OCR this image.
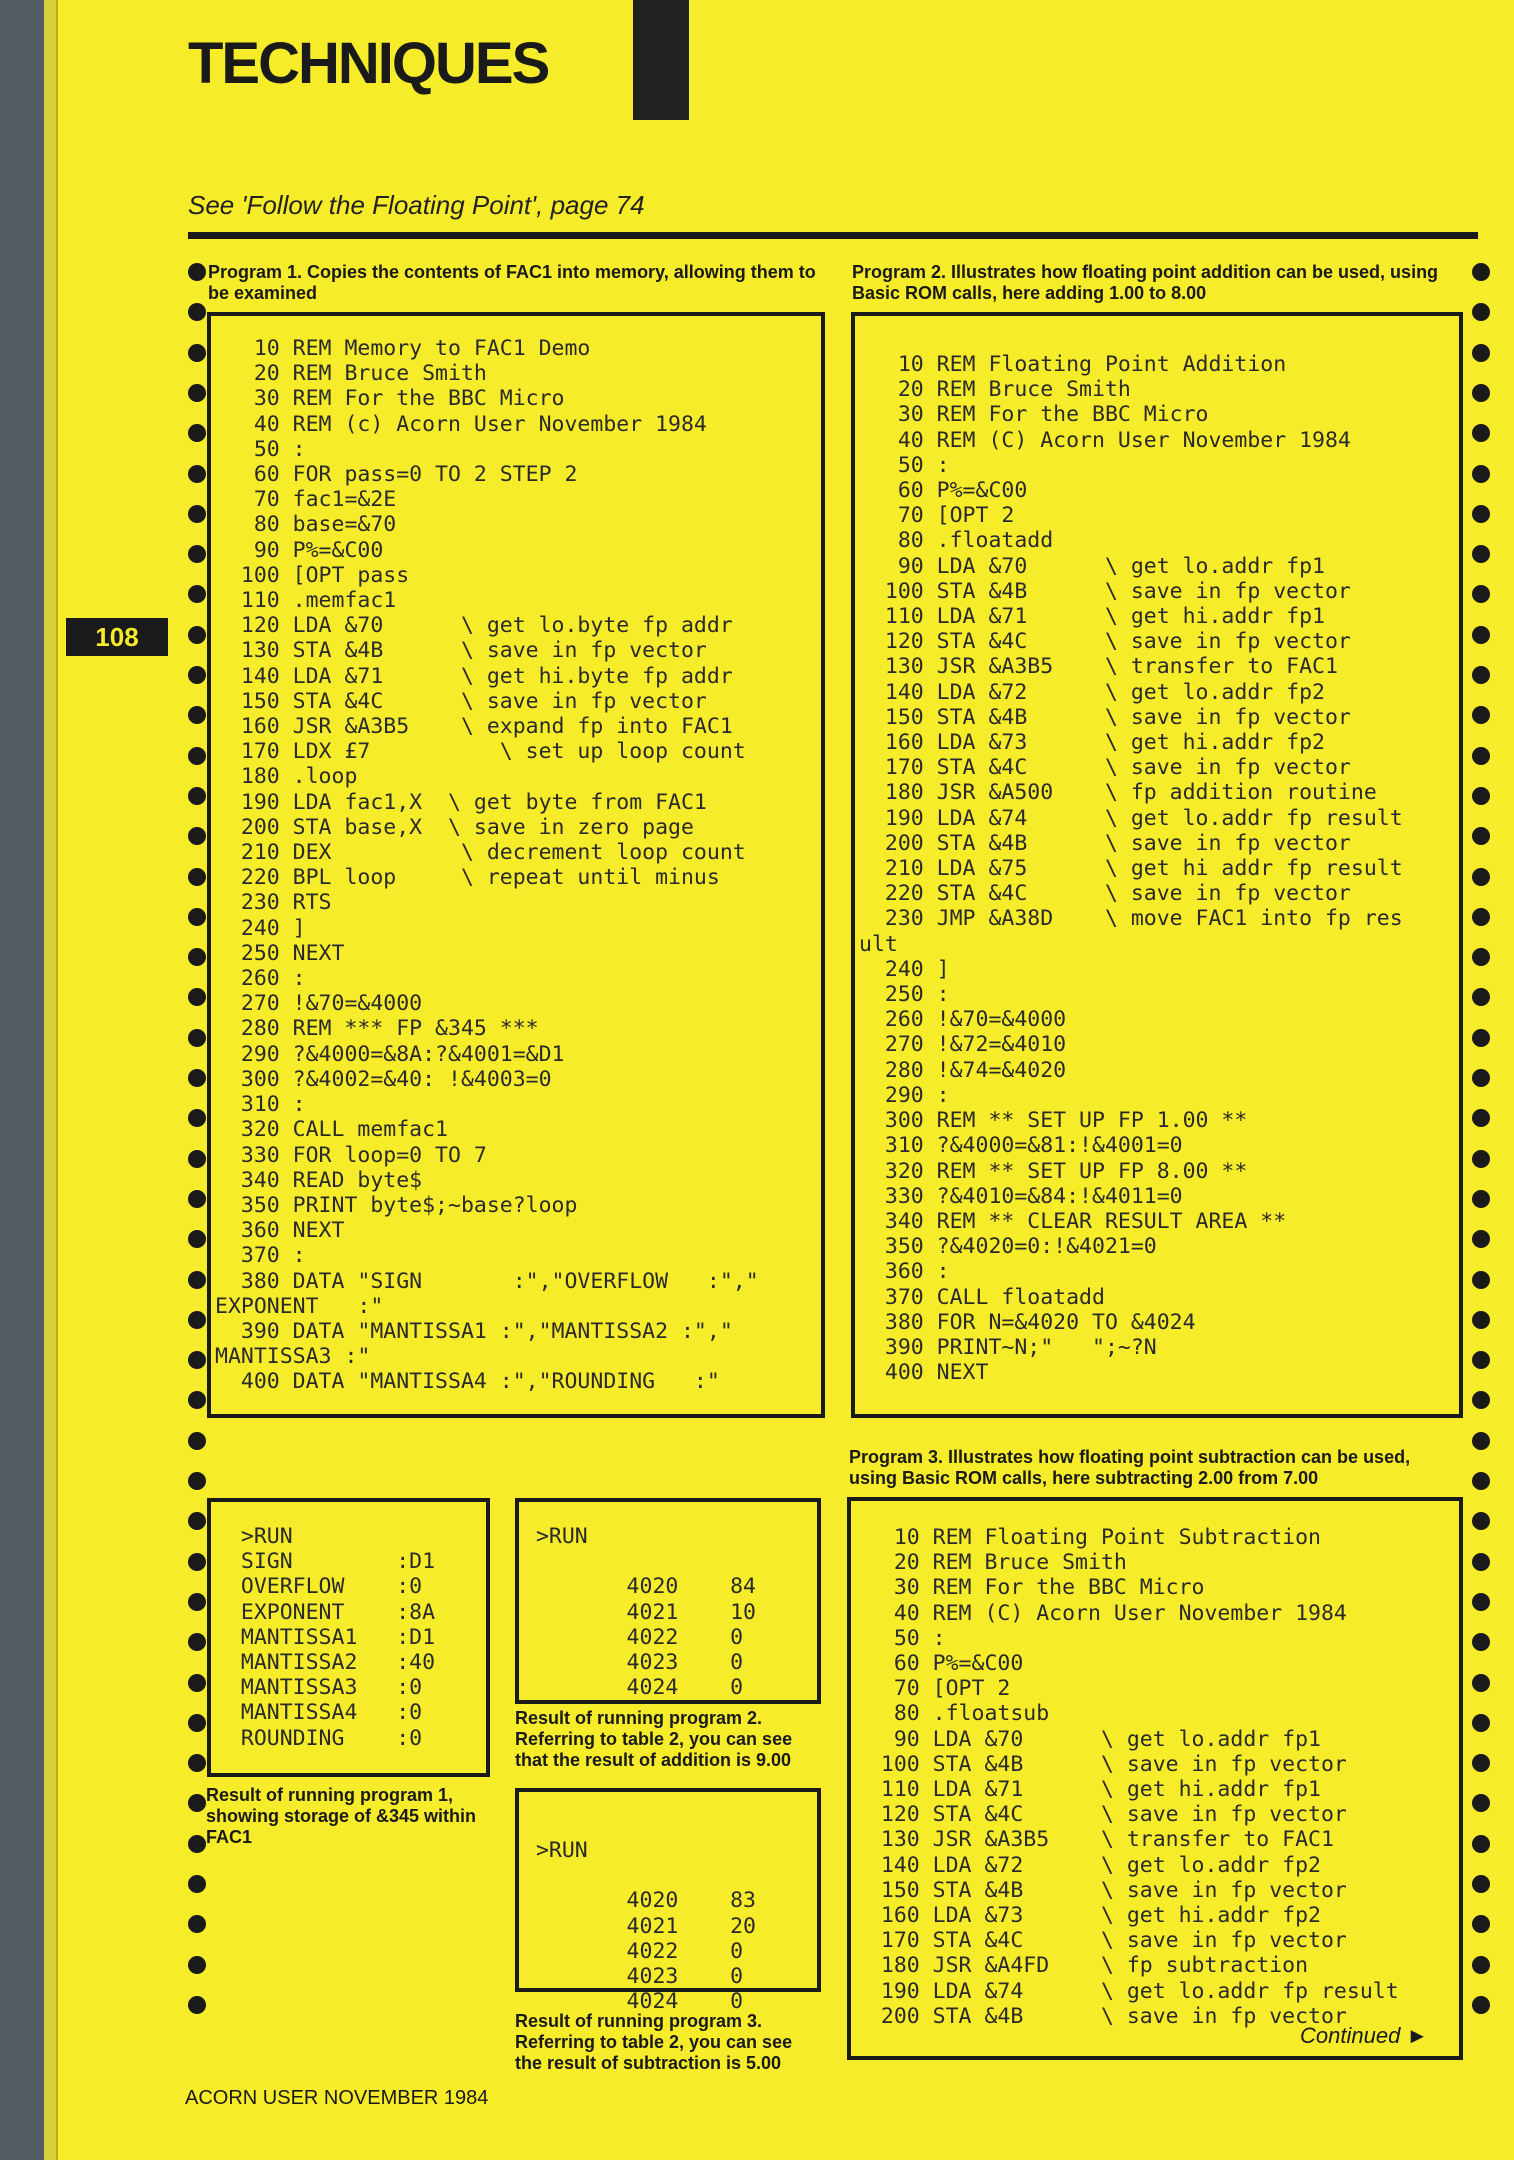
TECHNIQUES
See 'Follow the Floating Point', page 74
108
Program 1. Copies the contents of FAC1 into memory, allowing them to be examined
10 REM Memory to FAC1 Demo
20 REM Bruce Smith
30 REM For the BBC Micro
40 REM (c) Acorn User November 1984
50 :
60 FOR pass=0 TO 2 STEP 2
70 fac1=&2E
80 base=&70
90 P%=&C00
100 [OPT pass
110 .memfac1
120 LDA &70      \ get lo.byte fp addr
130 STA &4B      \ save in fp vector
140 LDA &71      \ get hi.byte fp addr
150 STA &4C      \ save in fp vector
160 JSR &A3B5    \ expand fp into FAC1
170 LDX £7          \ set up loop count
180 .loop
190 LDA fac1,X  \ get byte from FAC1
200 STA base,X  \ save in zero page
210 DEX          \ decrement loop count
220 BPL loop     \ repeat until minus
230 RTS
240 ]
250 NEXT
260 :
270 !&70=&4000
280 REM *** FP &345 ***
290 ?&4000=&8A:?&4001=&D1
300 ?&4002=&40: !&4003=0
310 :
320 CALL memfac1
330 FOR loop=0 TO 7
340 READ byte$
350 PRINT byte$;~base?loop
360 NEXT
370 :
380 DATA "SIGN       :","OVERFLOW   :","
EXPONENT   :"
390 DATA "MANTISSA1 :","MANTISSA2 :","
MANTISSA3 :"
400 DATA "MANTISSA4 :","ROUNDING   :"
Program 2. Illustrates how floating point addition can be used, using Basic ROM calls, here adding 1.00 to 8.00
10 REM Floating Point Addition
20 REM Bruce Smith
30 REM For the BBC Micro
40 REM (C) Acorn User November 1984
50 :
60 P%=&C00
70 [OPT 2
80 .floatadd
90 LDA &70      \ get lo.addr fp1
100 STA &4B      \ save in fp vector
110 LDA &71      \ get hi.addr fp1
120 STA &4C      \ save in fp vector
130 JSR &A3B5    \ transfer to FAC1
140 LDA &72      \ get lo.addr fp2
150 STA &4B      \ save in fp vector
160 LDA &73      \ get hi.addr fp2
170 STA &4C      \ save in fp vector
180 JSR &A500    \ fp addition routine
190 LDA &74      \ get lo.addr fp result
200 STA &4B      \ save in fp vector
210 LDA &75      \ get hi addr fp result
220 STA &4C      \ save in fp vector
230 JMP &A38D    \ move FAC1 into fp res
ult
240 ]
250 :
260 !&70=&4000
270 !&72=&4010
280 !&74=&4020
290 :
300 REM ** SET UP FP 1.00 **
310 ?&4000=&81:!&4001=0
320 REM ** SET UP FP 8.00 **
330 ?&4010=&84:!&4011=0
340 REM ** CLEAR RESULT AREA **
350 ?&4020=0:!&4021=0
360 :
370 CALL floatadd
380 FOR N=&4020 TO &4024
390 PRINT~N;"   ";~?N
400 NEXT
Program 3. Illustrates how floating point subtraction can be used, using Basic ROM calls, here subtracting 2.00 from 7.00
10 REM Floating Point Subtraction
20 REM Bruce Smith
30 REM For the BBC Micro
40 REM (C) Acorn User November 1984
50 :
60 P%=&C00
70 [OPT 2
80 .floatsub
90 LDA &70      \ get lo.addr fp1
100 STA &4B      \ save in fp vector
110 LDA &71      \ get hi.addr fp1
120 STA &4C      \ save in fp vector
130 JSR &A3B5    \ transfer to FAC1
140 LDA &72      \ get lo.addr fp2
150 STA &4B      \ save in fp vector
160 LDA &73      \ get hi.addr fp2
170 STA &4C      \ save in fp vector
180 JSR &A4FD    \ fp subtraction
190 LDA &74      \ get lo.addr fp result
200 STA &4B      \ save in fp vector
Continued ►
>RUN
SIGN        :D1
OVERFLOW    :0
EXPONENT    :8A
MANTISSA1   :D1
MANTISSA2   :40
MANTISSA3   :0
MANTISSA4   :0
ROUNDING    :0
Result of running program 1, showing storage of &345 within FAC1
>RUN

4020    84
4021    10
4022    0
4023    0
4024    0
Result of running program 2. Referring to table 2, you can see that the result of addition is 9.00
>RUN

4020    83
4021    20
4022    0
4023    0
4024    0
Result of running program 3. Referring to table 2, you can see the result of subtraction is 5.00
ACORN USER NOVEMBER 1984
